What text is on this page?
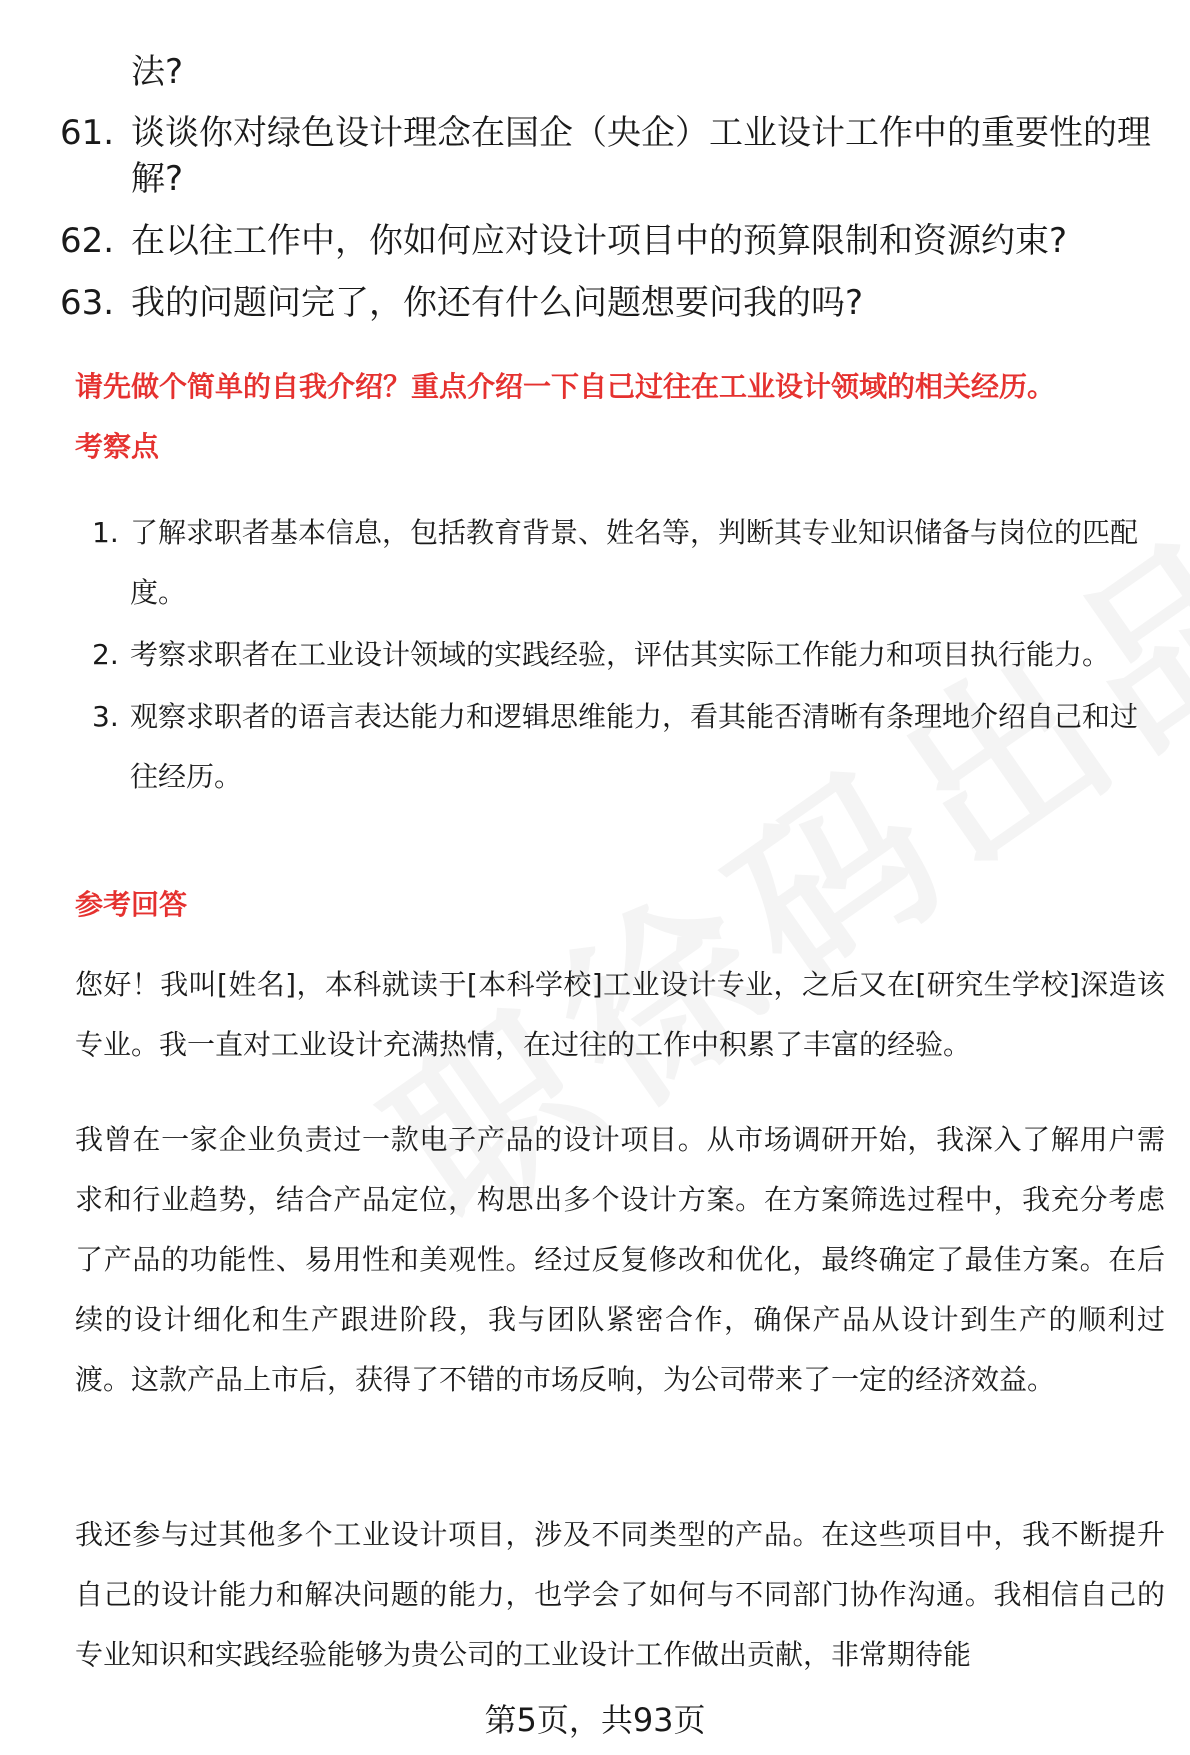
法?

61. 谈谈你对绿色设计理念在国企（央企）工业设计工作中的重要性的理解?
62. 在以往工作中，你如何应对设计项目中的预算限制和资源约束?
63. 我的问题问完了，你还有什么问题想要问我的吗?
请先做个简单的自我介绍？重点介绍一下自己过往在工业设计领域的相关经历。
考察点
1. 了解求职者基本信息，包括教育背景、姓名等，判断其专业知识储备与岗位的匹配度。
2. 考察求职者在工业设计领域的实践经验，评估其实际工作能力和项目执行能力。
3. 观察求职者的语言表达能力和逻辑思维能力，看其能否清晰有条理地介绍自己和过往经历。
参考回答

您好！我叫[姓名]，本科就读于[本科学校]工业设计专业，之后又在[研究生学校]深造该专业。我一直对工业设计充满热情，在过往的工作中积累了丰富的经验。

我曾在一家企业负责过一款电子产品的设计项目。从市场调研开始，我深入了解用户需求和行业趋势，结合产品定位，构思出多个设计方案。在方案筛选过程中，我充分考虑了产品的功能性、易用性和美观性。经过反复修改和优化，最终确定了最佳方案。在后续的设计细化和生产跟进阶段，我与团队紧密合作，确保产品从设计到生产的顺利过渡。这款产品上市后，获得了不错的市场反响，为公司带来了一定的经济效益。

我还参与过其他多个工业设计项目，涉及不同类型的产品。在这些项目中，我不断提升自己的设计能力和解决问题的能力，也学会了如何与不同部门协作沟通。我相信自己的专业知识和实践经验能够为贵公司的工业设计工作做出贡献，非常期待能

第5页，共93页
